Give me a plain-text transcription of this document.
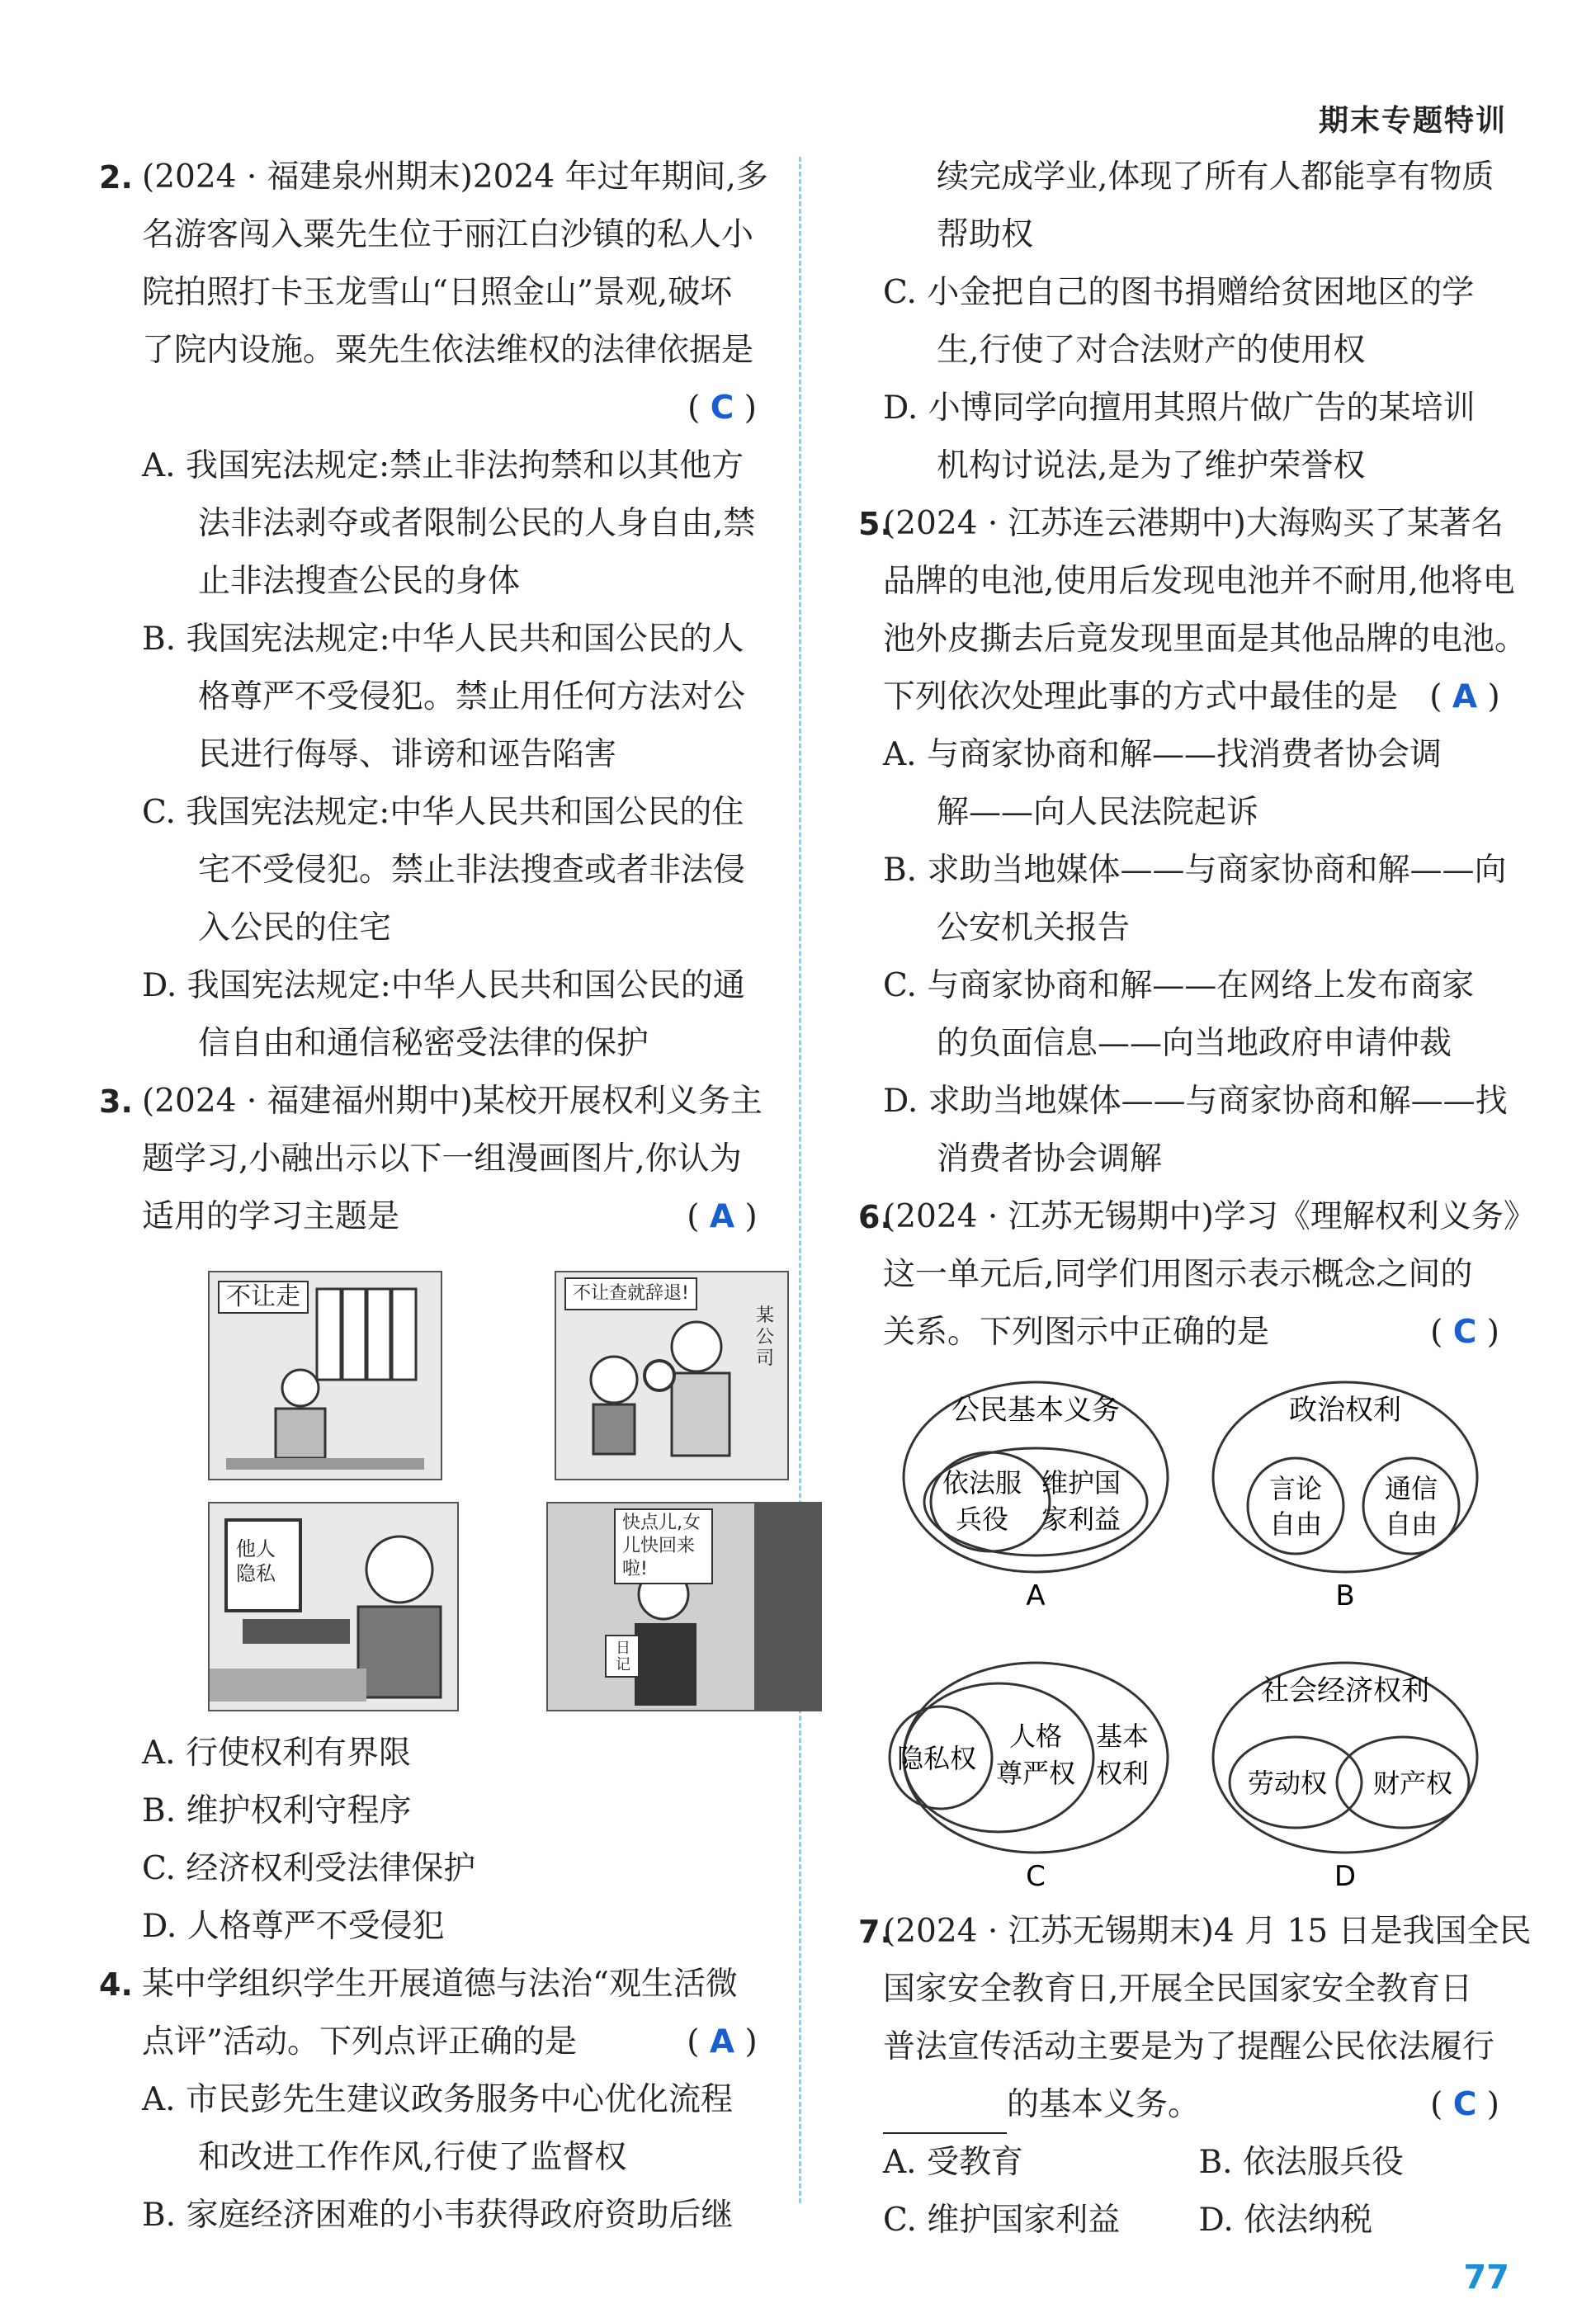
期末专题特训
2. (2024 · 福建泉州期末)2024 年过年期间,多
名游客闯入粟先生位于丽江白沙镇的私人小
院拍照打卡玉龙雪山“日照金山”景观,破坏
了院内设施。粟先生依法维权的法律依据是
( C )
A. 我国宪法规定:禁止非法拘禁和以其他方
法非法剥夺或者限制公民的人身自由,禁
止非法搜查公民的身体
B. 我国宪法规定:中华人民共和国公民的人
格尊严不受侵犯。禁止用任何方法对公
民进行侮辱、诽谤和诬告陷害
C. 我国宪法规定:中华人民共和国公民的住
宅不受侵犯。禁止非法搜查或者非法侵
入公民的住宅
D. 我国宪法规定:中华人民共和国公民的通
信自由和通信秘密受法律的保护
3. (2024 · 福建福州期中)某校开展权利义务主
题学习,小融出示以下一组漫画图片,你认为
适用的学习主题是	( A )
不让走	不让查就辞退!
某公司
他人隐私
快点儿,女儿快回来啦!
日记
A. 行使权利有界限
B. 维护权利守程序
C. 经济权利受法律保护
D. 人格尊严不受侵犯
4. 某中学组织学生开展道德与法治“观生活微
点评”活动。下列点评正确的是	( A )
A. 市民彭先生建议政务服务中心优化流程
和改进工作作风,行使了监督权
B. 家庭经济困难的小韦获得政府资助后继
续完成学业,体现了所有人都能享有物质
帮助权
C. 小金把自己的图书捐赠给贫困地区的学
生,行使了对合法财产的使用权
D. 小博同学向擅用其照片做广告的某培训
机构讨说法,是为了维护荣誉权
5.
(2024 · 江苏连云港期中)大海购买了某著名
品牌的电池,使用后发现电池并不耐用,他将电
池外皮撕去后竟发现里面是其他品牌的电池。
下列依次处理此事的方式中最佳的是 ( A )
A. 与商家协商和解——找消费者协会调
解——向人民法院起诉
B. 求助当地媒体——与商家协商和解——向
公安机关报告
C. 与商家协商和解——在网络上发布商家
的负面信息——向当地政府申请仲裁
D. 求助当地媒体——与商家协商和解——找
消费者协会调解
6.
(2024 · 江苏无锡期中)学习《理解权利义务》
这一单元后,同学们用图示表示概念之间的
关系。下列图示中正确的是	( C )
公民基本义务
依法服
兵役
维护国
家利益
A
政治权利
言论
自由
通信
自由
B
隐私权
人格
尊严权
基本
权利
C
社会经济权利
劳动权 财产权
D
7.
(2024 · 江苏无锡期末)4 月 15 日是我国全民
国家安全教育日,开展全民国家安全教育日
普法宣传活动主要是为了提醒公民依法履行
的基本义务。	( C )
A. 受教育	B. 依法服兵役
C. 维护国家利益	D. 依法纳税
77
